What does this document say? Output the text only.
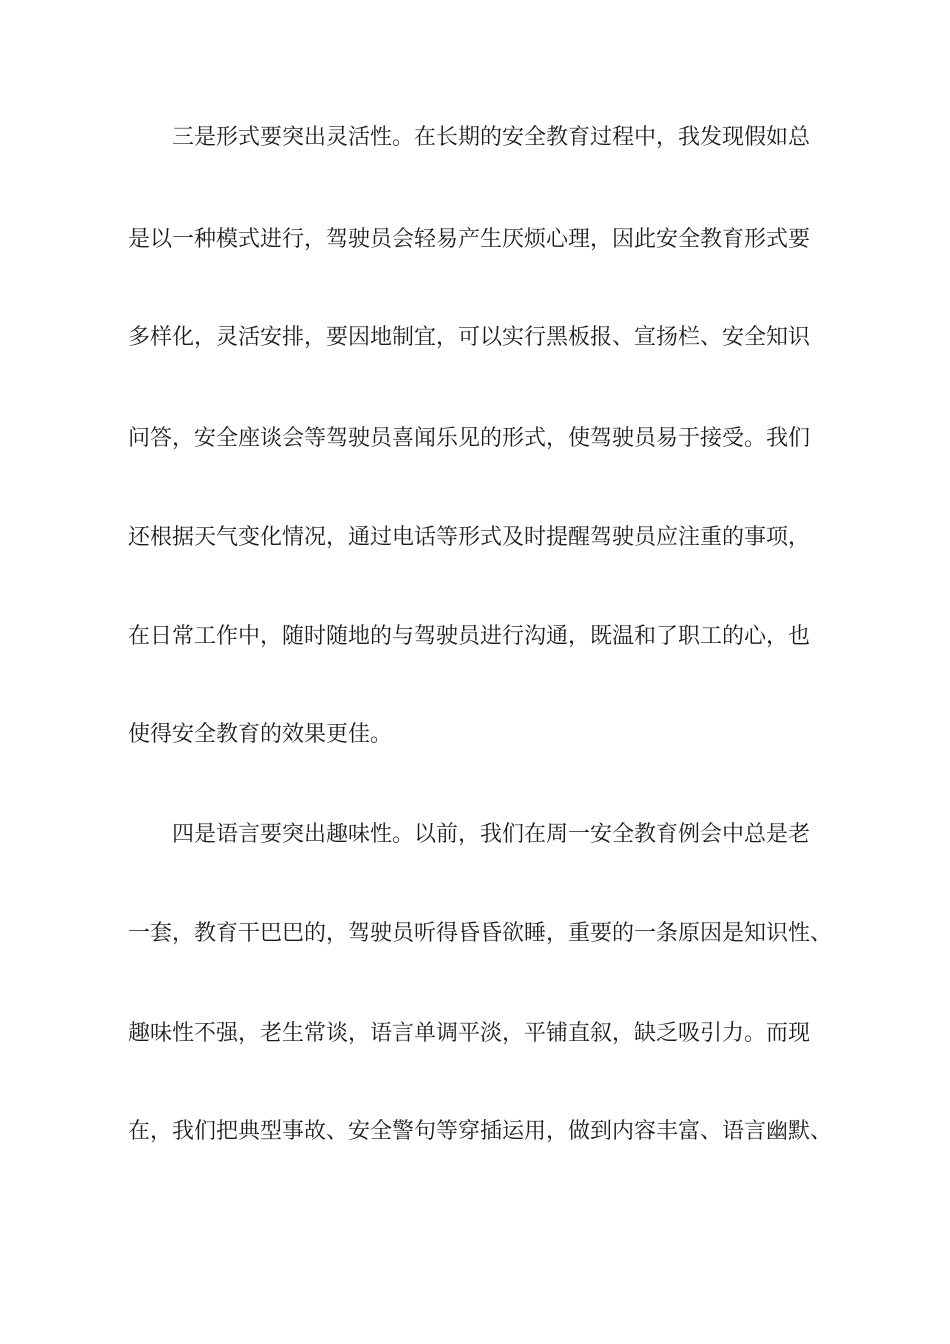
三是形式要突出灵活性。在长期的安全教育过程中，我发现假如总
是以一种模式进行，驾驶员会轻易产生厌烦心理，因此安全教育形式要
多样化，灵活安排，要因地制宜，可以实行黑板报、宣扬栏、安全知识
问答，安全座谈会等驾驶员喜闻乐见的形式，使驾驶员易于接受。我们
还根据天气变化情况，通过电话等形式及时提醒驾驶员应注重的事项，
在日常工作中，随时随地的与驾驶员进行沟通，既温和了职工的心，也
使得安全教育的效果更佳。
四是语言要突出趣味性。以前，我们在周一安全教育例会中总是老
一套，教育干巴巴的，驾驶员听得昏昏欲睡，重要的一条原因是知识性、
趣味性不强，老生常谈，语言单调平淡，平铺直叙，缺乏吸引力。而现
在，我们把典型事故、安全警句等穿插运用，做到内容丰富、语言幽默、
